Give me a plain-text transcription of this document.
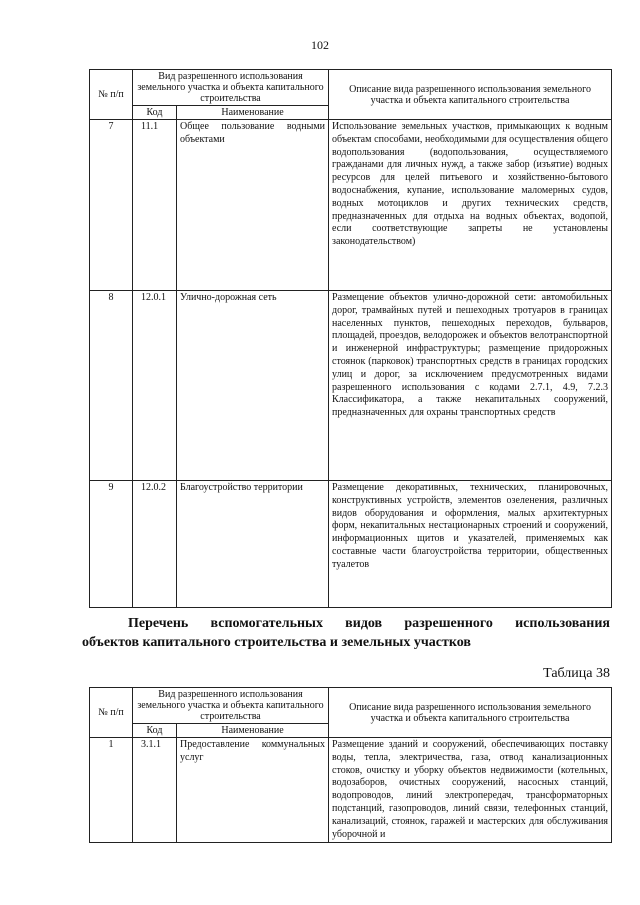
102
№ п/п	Вид разрешенного использования земельного участка и объекта капитального строительства		Описание вида разрешенного использования земельного участка и объекта капитального строительства
	Код	Наименование	
7	11.1	Общее пользование водными объектами	Использование земельных участков, примыкающих к водным объектам способами, необходимыми для осуществления общего водопользования (водопользования, осуществляемого гражданами для личных нужд, а также забор (изъятие) водных ресурсов для целей питьевого и хозяйственно-бытового водоснабжения, купание, использование маломерных судов, водных мотоциклов и других технических средств, предназначенных для отдыха на водных объектах, водопой, если соответствующие запреты не установлены законодательством)
8	12.0.1	Улично-дорожная сеть	Размещение объектов улично-дорожной сети: автомобильных дорог, трамвайных путей и пешеходных тротуаров в границах населенных пунктов, пешеходных переходов, бульваров, площадей, проездов, велодорожек и объектов велотранспортной и инженерной инфраструктуры; размещение придорожных стоянок (парковок) транспортных средств в границах городских улиц и дорог, за исключением предусмотренных видами разрешенного использования с кодами 2.7.1, 4.9, 7.2.3 Классификатора, а также некапитальных сооружений, предназначенных для охраны транспортных средств
9	12.0.2	Благоустройство территории	Размещение декоративных, технических, планировочных, конструктивных устройств, элементов озеленения, различных видов оборудования и оформления, малых архитектурных форм, некапитальных нестационарных строений и сооружений, информационных щитов и указателей, применяемых как составные части благоустройства территории, общественных туалетов
Перечень вспомогательных видов разрешенного использования
объектов капитального строительства и земельных участков
Таблица 38
№ п/п	Вид разрешенного использования земельного участка и объекта капитального строительства		Описание вида разрешенного использования земельного участка и объекта капитального строительства
	Код	Наименование	
1	3.1.1	Предоставление коммунальных услуг	Размещение зданий и сооружений, обеспечивающих поставку воды, тепла, электричества, газа, отвод канализационных стоков, очистку и уборку объектов недвижимости (котельных, водозаборов, очистных сооружений, насосных станций, водопроводов, линий электропередач, трансформаторных подстанций, газопроводов, линий связи, телефонных станций, канализаций, стоянок, гаражей и мастерских для обслуживания уборочной и
